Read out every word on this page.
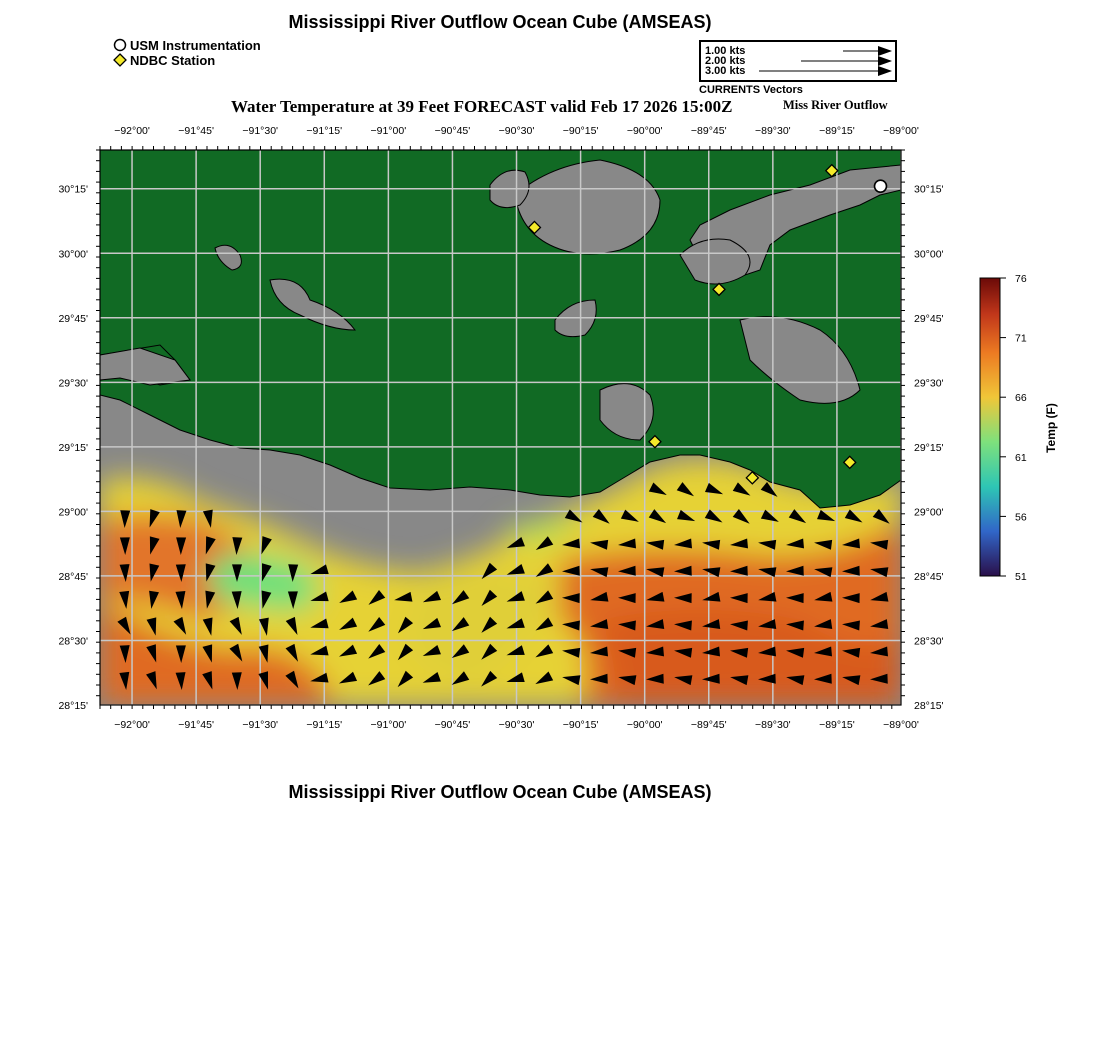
Mississippi River Outflow Ocean Cube (AMSEAS)
USM Instrumentation
NDBC Station
1.00 kts
2.00 kts
3.00 kts
CURRENTS Vectors
Water Temperature at 39 Feet FORECAST valid Feb 17 2026 15:00Z	Miss River Outflow
−92°00'	−91°45'	−91°30'	−91°15'	−91°00'	−90°45'	−90°30'	−90°15'	−90°00'	−89°45'	−89°30'	−89°15'	−89°00'
−92°00'	−91°45'	−91°30'	−91°15'	−91°00'	−90°45'	−90°30'	−90°15'	−90°00'	−89°45'	−89°30'	−89°15'	−89°00'
30°15'
30°00'
29°45'
29°30'
29°15'
29°00'
28°45'
28°30'
28°15'
30°15'
30°00'
29°45'
29°30'
29°15'
29°00'
28°45'
28°30'
28°15'
76
71
66
61
56
51
Temp (F)
Mississippi River Outflow Ocean Cube (AMSEAS)
